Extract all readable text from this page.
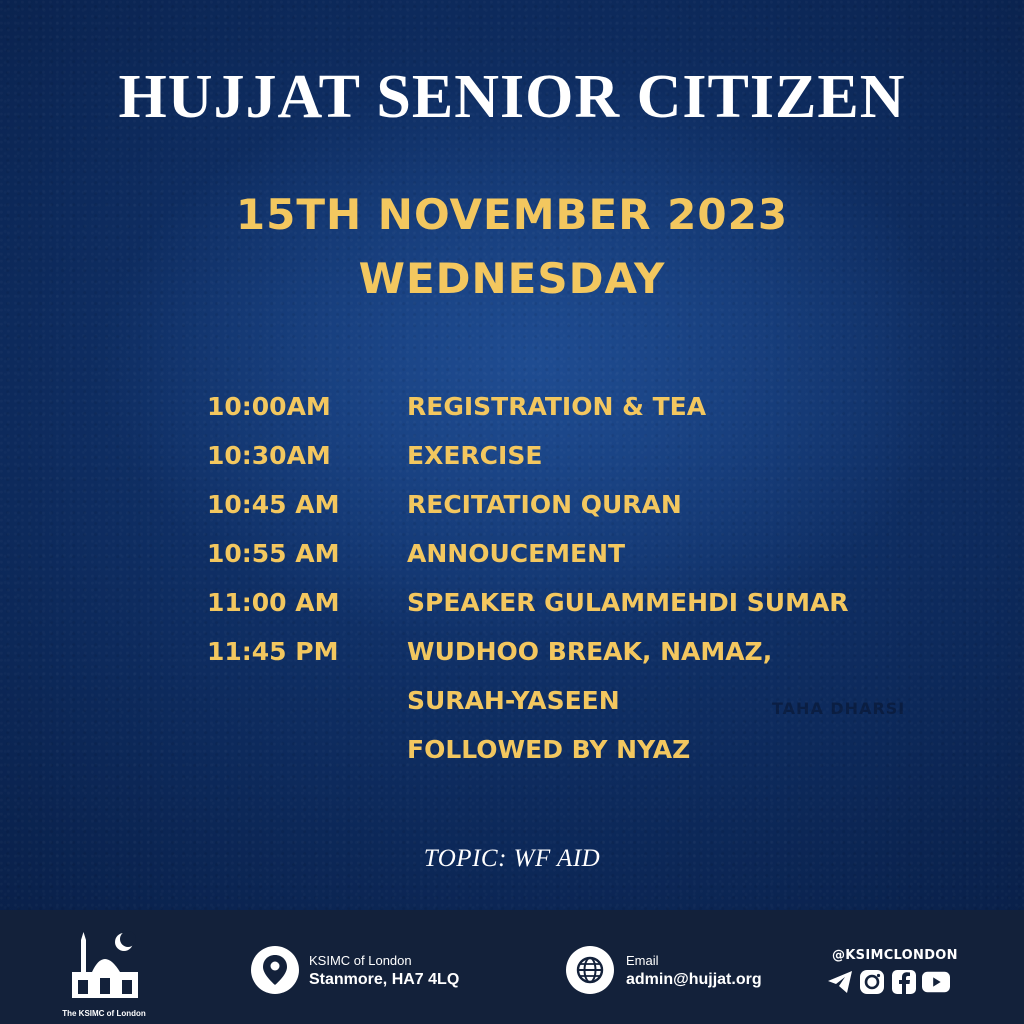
HUJJAT SENIOR CITIZEN
15TH NOVEMBER 2023
WEDNESDAY
10:00AM	REGISTRATION & TEA
10:30AM	EXERCISE
10:45 AM	RECITATION QURAN
10:55 AM	ANNOUCEMENT
11:00 AM	SPEAKER GULAMMEHDI SUMAR
11:45 PM	WUDHOO BREAK, NAMAZ,
SURAH-YASEEN
FOLLOWED BY NYAZ
TAHA DHARSI
TOPIC: WF AID
The KSIMC of London
KSIMC of London
Stanmore, HA7 4LQ
Email
admin@hujjat.org
@KSIMCLONDON
